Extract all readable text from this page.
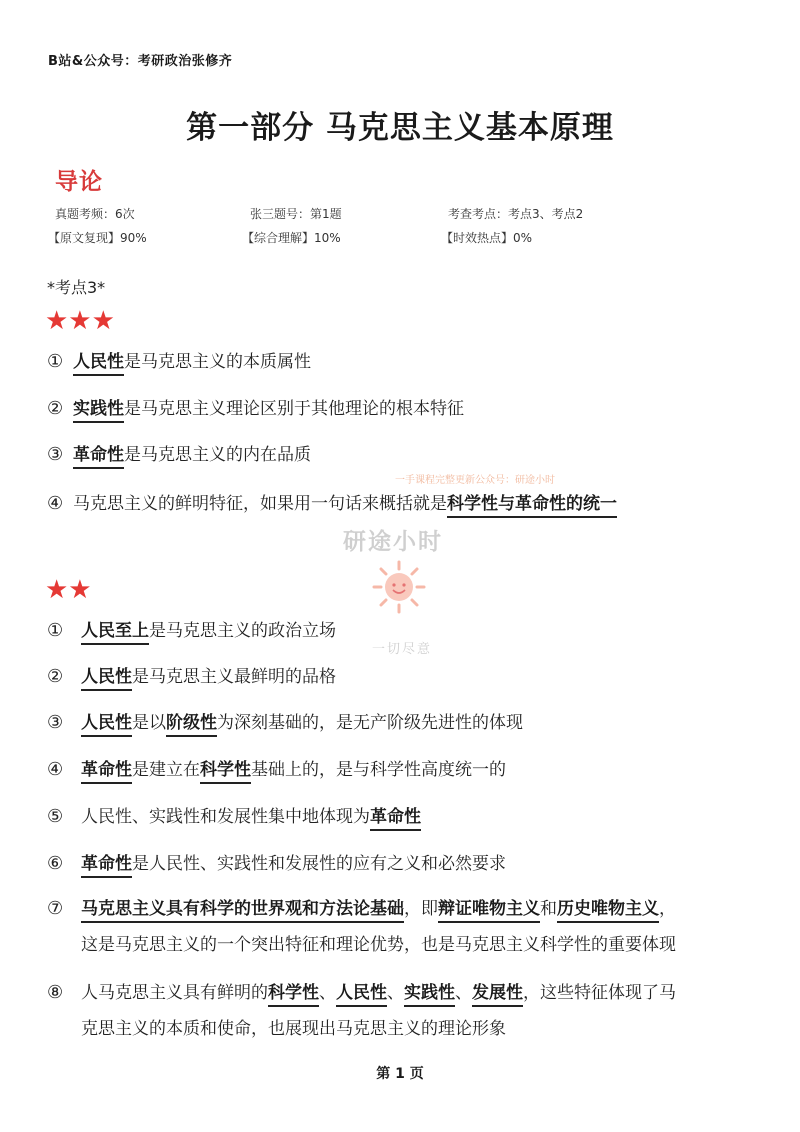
B站&公众号：考研政治张修齐
第一部分 马克思主义基本原理
导论
真题考频：6次	张三题号：第1题	考查考点：考点3、考点2
【原文复现】90%	【综合理解】10%	【时效热点】0%
*考点3*
★★★
① 人民性是马克思主义的本质属性
② 实践性是马克思主义理论区别于其他理论的根本特征
③ 革命性是马克思主义的内在品质
④ 马克思主义的鲜明特征，如果用一句话来概括就是科学性与革命性的统一
一手课程完整更新公众号：研途小时
研途小时
一切尽意
★★
① 人民至上是马克思主义的政治立场
② 人民性是马克思主义最鲜明的品格
③ 人民性是以阶级性为深刻基础的，是无产阶级先进性的体现
④ 革命性是建立在科学性基础上的，是与科学性高度统一的
⑤ 人民性、实践性和发展性集中地体现为革命性
⑥ 革命性是人民性、实践性和发展性的应有之义和必然要求
⑦ 马克思主义具有科学的世界观和方法论基础，即辩证唯物主义和历史唯物主义，
这是马克思主义的一个突出特征和理论优势，也是马克思主义科学性的重要体现
⑧ 人马克思主义具有鲜明的科学性、人民性、实践性、发展性，这些特征体现了马
克思主义的本质和使命，也展现出马克思主义的理论形象
第 1 页
